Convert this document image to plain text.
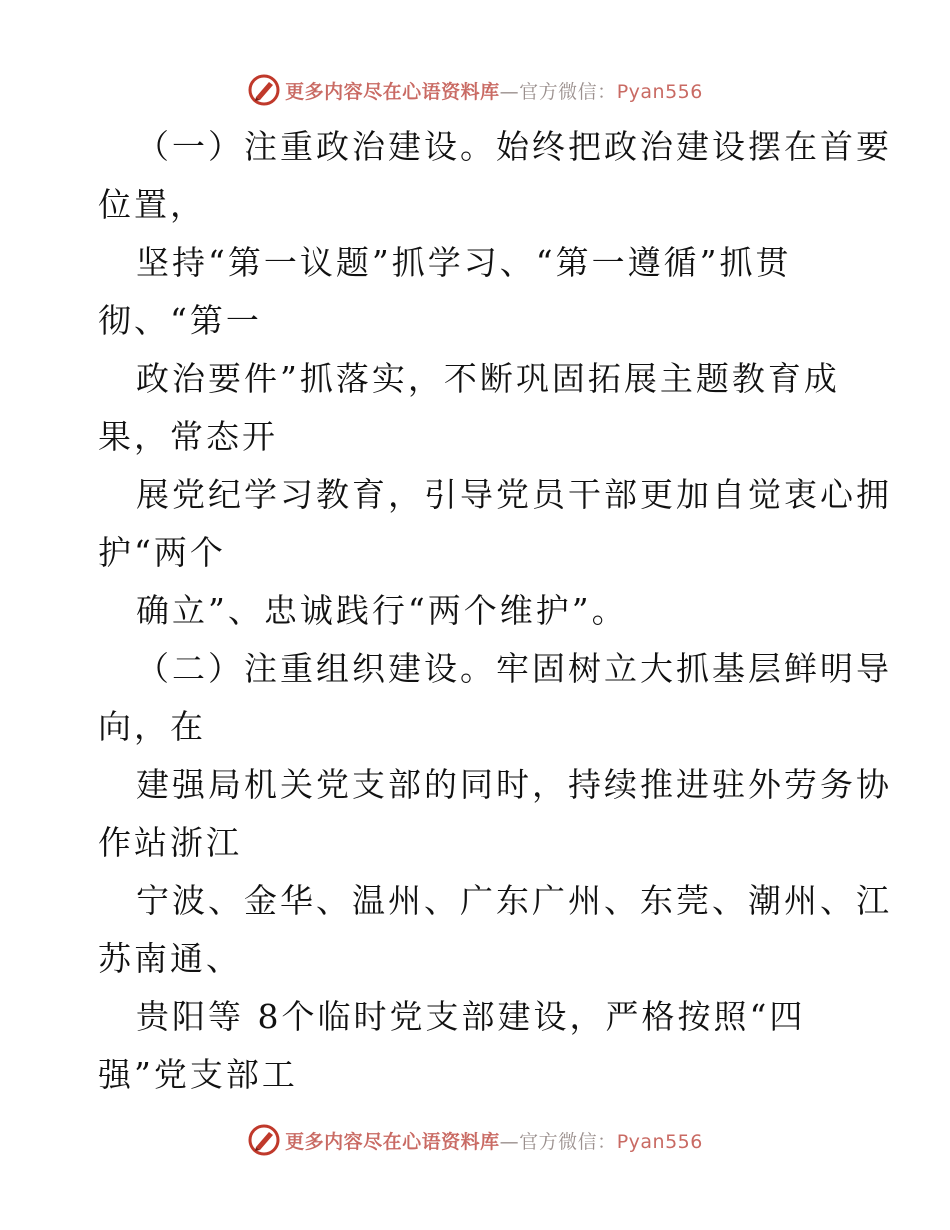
更多内容尽在心语资料库—官方微信：Pyan556
（一）注重政治建设。始终把政治建设摆在首要
位置，
坚持“第一议题”抓学习、“第一遵循”抓贯
彻、“第一
政治要件”抓落实，不断巩固拓展主题教育成
果，常态开
展党纪学习教育，引导党员干部更加自觉衷心拥
护“两个
确立”、忠诚践行“两个维护”。
（二）注重组织建设。牢固树立大抓基层鲜明导
向，在
建强局机关党支部的同时，持续推进驻外劳务协
作站浙江
宁波、金华、温州、广东广州、东莞、潮州、江
苏南通、
贵阳等 8个临时党支部建设，严格按照“四
强”党支部工
更多内容尽在心语资料库—官方微信：Pyan556
